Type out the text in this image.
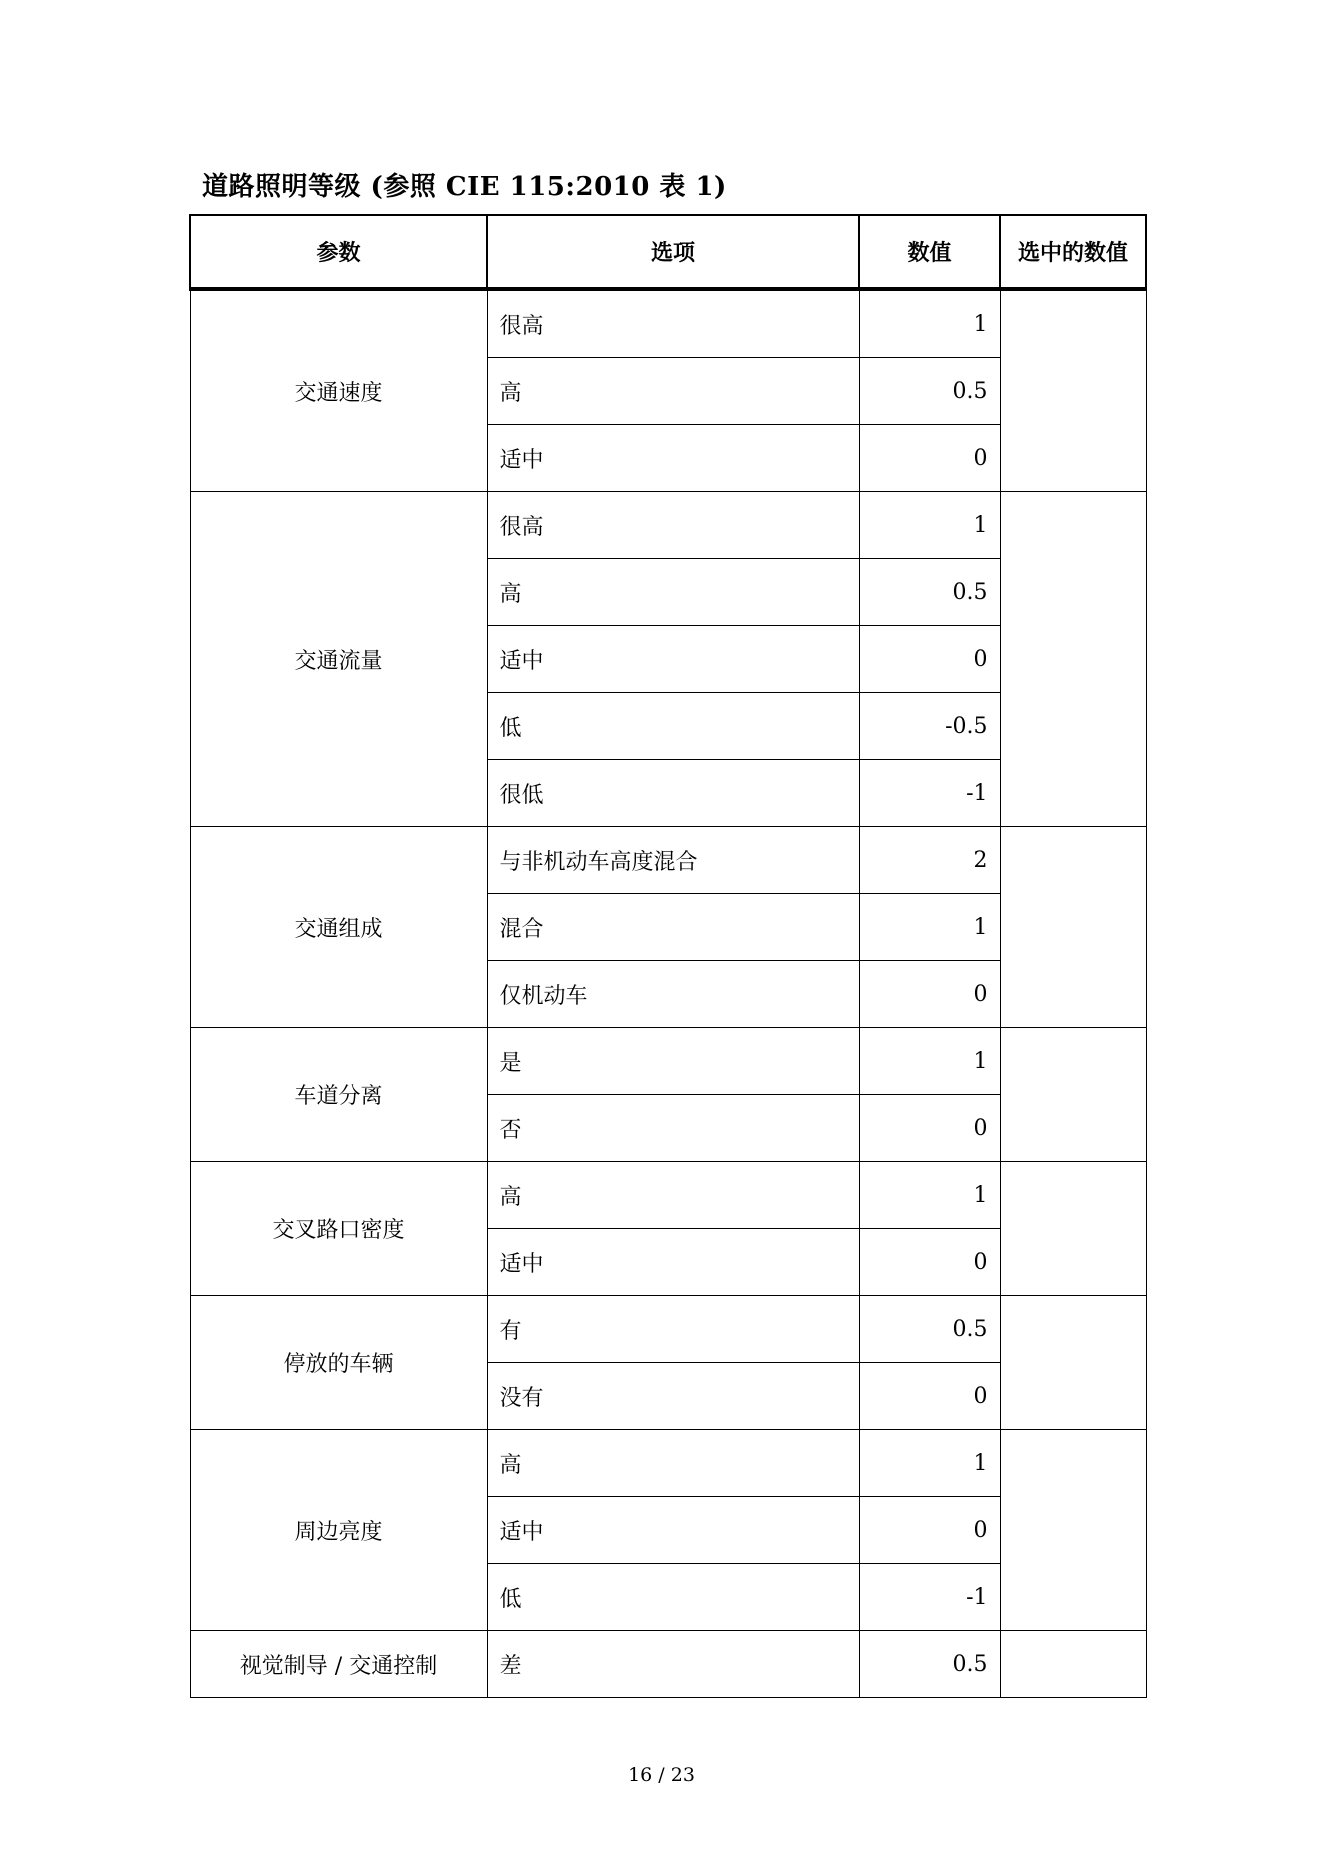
道路照明等级 (参照 CIE 115:2010 表 1)
参数	选项	数值	选中的数值
交通速度	很高	1	
	高	0.5	
	适中	0	
交通流量	很高	1	
	高	0.5	
	适中	0	
	低	-0.5	
	很低	-1	
交通组成	与非机动车高度混合	2	
	混合	1	
	仅机动车	0	
车道分离	是	1	
	否	0	
交叉路口密度	高	1	
	适中	0	
停放的车辆	有	0.5	
	没有	0	
周边亮度	高	1	
	适中	0	
	低	-1	
视觉制导 / 交通控制	差	0.5	
16 / 23
